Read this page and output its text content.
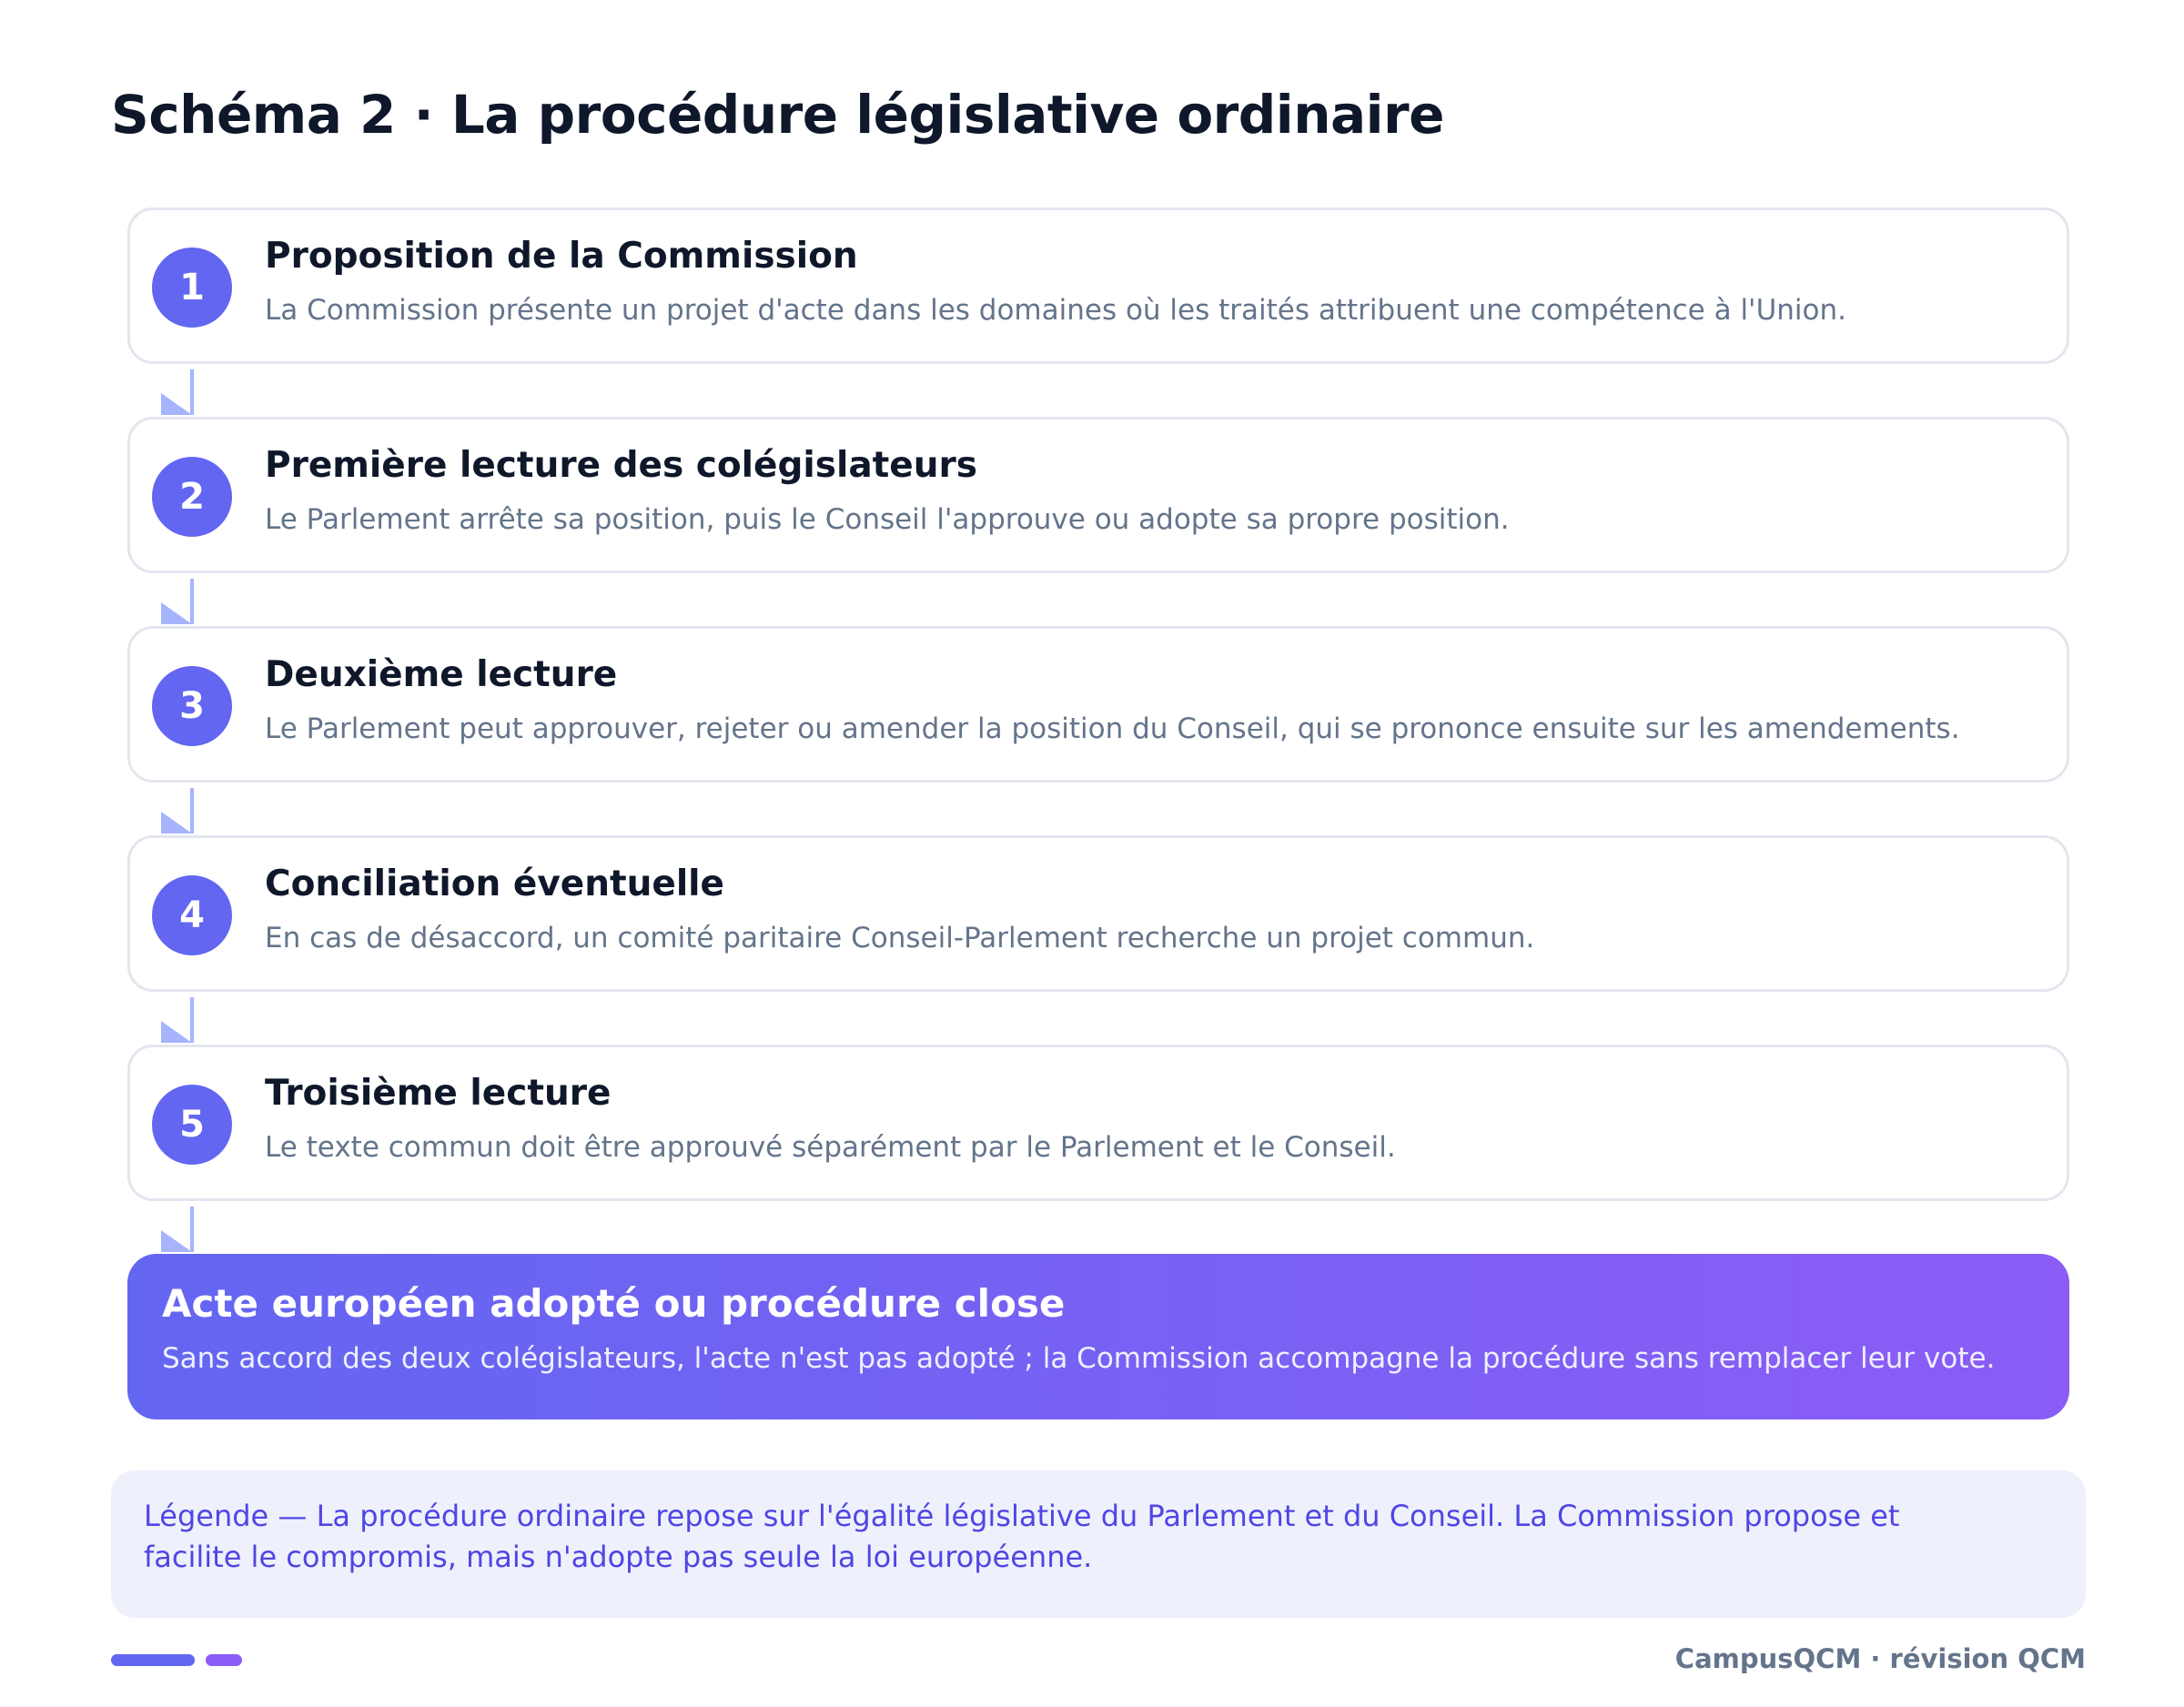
Schéma 2 · La procédure législative ordinaire
1
Proposition de la Commission
La Commission présente un projet d'acte dans les domaines où les traités attribuent une compétence à l'Union.
2
Première lecture des colégislateurs
Le Parlement arrête sa position, puis le Conseil l'approuve ou adopte sa propre position.
3
Deuxième lecture
Le Parlement peut approuver, rejeter ou amender la position du Conseil, qui se prononce ensuite sur les amendements.
4
Conciliation éventuelle
En cas de désaccord, un comité paritaire Conseil-Parlement recherche un projet commun.
5
Troisième lecture
Le texte commun doit être approuvé séparément par le Parlement et le Conseil.
Acte européen adopté ou procédure close
Sans accord des deux colégislateurs, l'acte n'est pas adopté ; la Commission accompagne la procédure sans remplacer leur vote.

Légende — La procédure ordinaire repose sur l'égalité législative du Parlement et du Conseil. La Commission propose et facilite le compromis, mais n'adopte pas seule la loi européenne.

CampusQCM · révision QCM
